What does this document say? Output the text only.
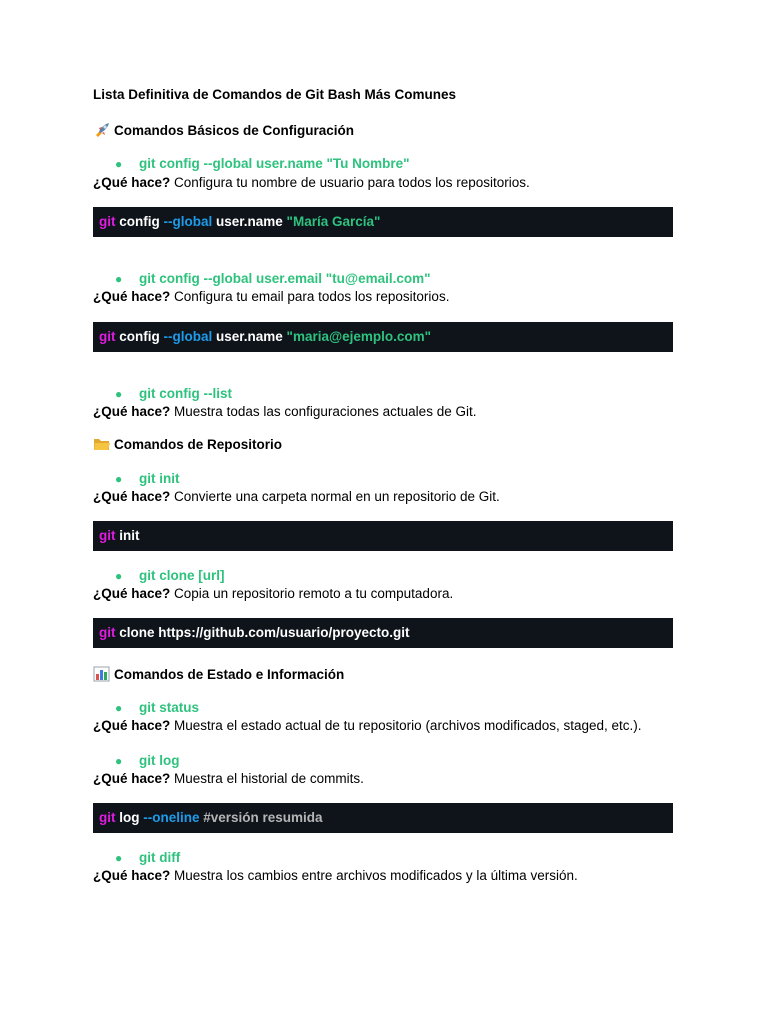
Lista Definitiva de Comandos de Git Bash Más Comunes
Comandos Básicos de Configuración
● git config --global user.name "Tu Nombre"
¿Qué hace? Configura tu nombre de usuario para todos los repositorios.
git config --global user.name "María García"
● git config --global user.email "tu@email.com"
¿Qué hace? Configura tu email para todos los repositorios.
git config --global user.name "maria@ejemplo.com"
● git config --list
¿Qué hace? Muestra todas las configuraciones actuales de Git.
Comandos de Repositorio
● git init
¿Qué hace? Convierte una carpeta normal en un repositorio de Git.
git init
● git clone [url]
¿Qué hace? Copia un repositorio remoto a tu computadora.
git clone https://github.com/usuario/proyecto.git
Comandos de Estado e Información
● git status
¿Qué hace? Muestra el estado actual de tu repositorio (archivos modificados, staged, etc.).
● git log
¿Qué hace? Muestra el historial de commits.
git log --oneline #versión resumida
● git diff
¿Qué hace? Muestra los cambios entre archivos modificados y la última versión.
